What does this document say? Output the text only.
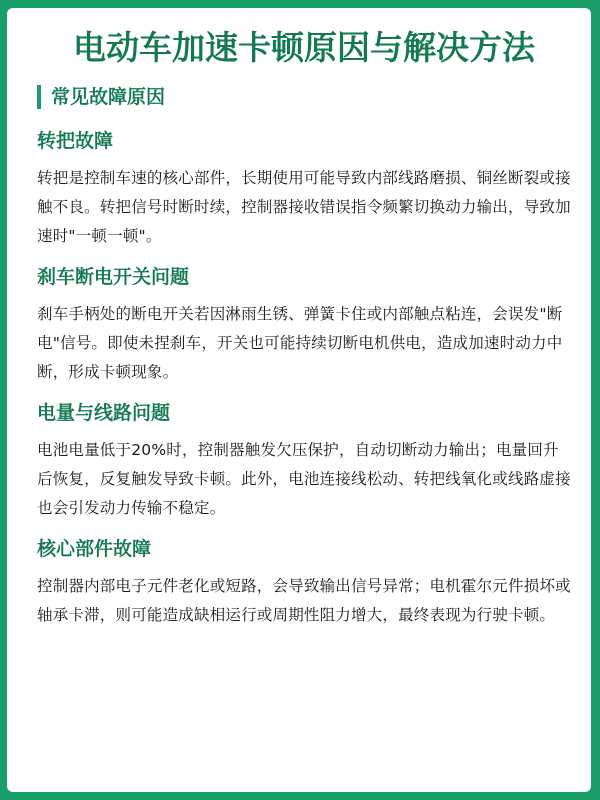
电动车加速卡顿原因与解决方法
常见故障原因
转把故障

转把是控制车速的核心部件，长期使用可能导致内部线路磨损、铜丝断裂或接触不良。转把信号时断时续，控制器接收错误指令频繁切换动力输出，导致加速时"一顿一顿"。

刹车断电开关问题

刹车手柄处的断电开关若因淋雨生锈、弹簧卡住或内部触点粘连，会误发"断电"信号。即使未捏刹车，开关也可能持续切断电机供电，造成加速时动力中断，形成卡顿现象。

电量与线路问题

电池电量低于20%时，控制器触发欠压保护，自动切断动力输出；电量回升后恢复，反复触发导致卡顿。此外，电池连接线松动、转把线氧化或线路虚接也会引发动力传输不稳定。

核心部件故障

控制器内部电子元件老化或短路，会导致输出信号异常；电机霍尔元件损坏或轴承卡滞，则可能造成缺相运行或周期性阻力增大，最终表现为行驶卡顿。
